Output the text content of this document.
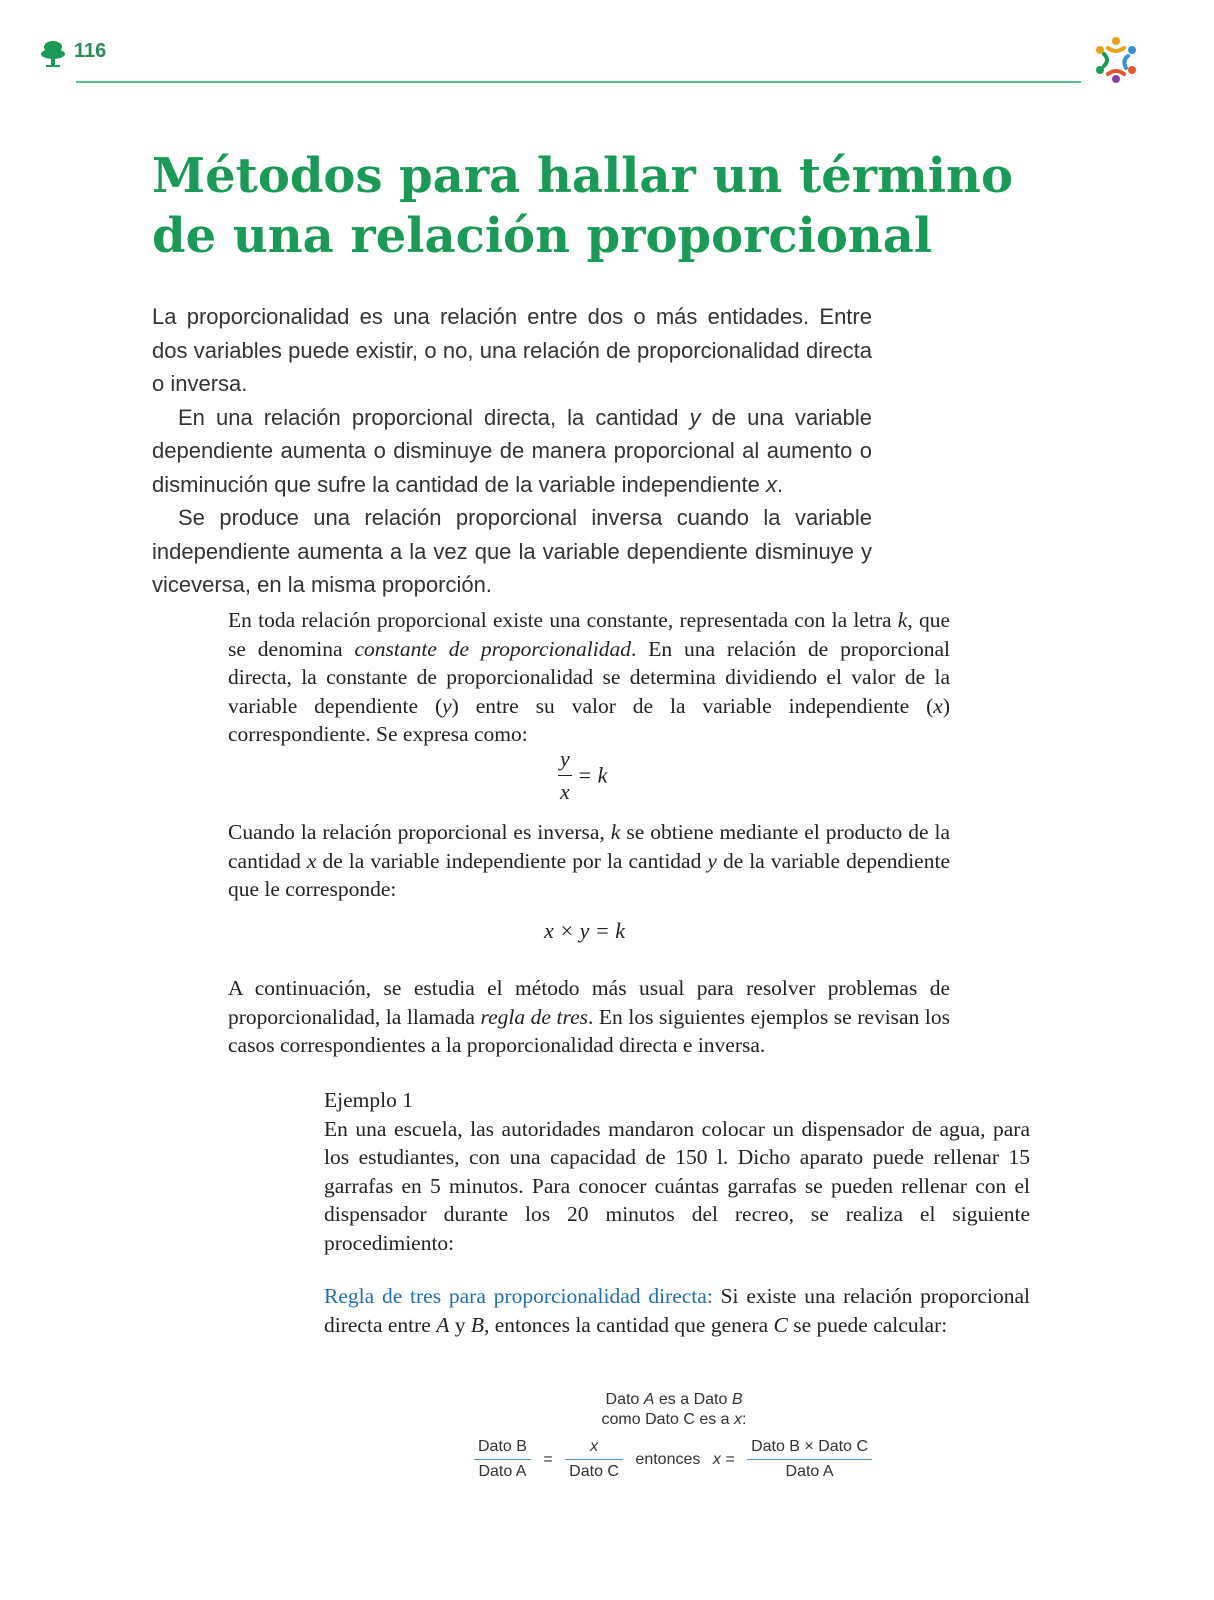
116
Métodos para hallar un término
de una relación proporcional

La proporcionalidad es una relación entre dos o más entidades. Entre dos variables puede existir, o no, una relación de proporcionalidad directa o inversa.

En una relación proporcional directa, la cantidad y de una variable dependiente aumenta o disminuye de manera proporcional al aumento o disminución que sufre la cantidad de la variable independiente x.

Se produce una relación proporcional inversa cuando la variable independiente aumenta a la vez que la variable dependiente disminuye y viceversa, en la misma proporción.

En toda relación proporcional existe una constante, representada con la letra k, que se denomina constante de proporcionalidad. En una relación de proporcional directa, la constante de proporcionalidad se determina dividiendo el valor de la variable dependiente (y) entre su valor de la variable independiente (x) correspondiente. Se expresa como:

$\frac{y}{x} = k$

Cuando la relación proporcional es inversa, k se obtiene mediante el producto de la cantidad x de la variable independiente por la cantidad y de la variable dependiente que le corresponde:

x × y = k

A continuación, se estudia el método más usual para resolver problemas de proporcionalidad, la llamada regla de tres. En los siguientes ejemplos se revisan los casos correspondientes a la proporcionalidad directa e inversa.

Ejemplo 1

En una escuela, las autoridades mandaron colocar un dispensador de agua, para los estudiantes, con una capacidad de 150 l. Dicho aparato puede rellenar 15 garrafas en 5 minutos. Para conocer cuántas garrafas se pueden rellenar con el dispensador durante los 20 minutos del recreo, se realiza el siguiente procedimiento:

Regla de tres para proporcionalidad directa: Si existe una relación proporcional directa entre A y B, entonces la cantidad que genera C se puede calcular:

Dato A es a Dato B
como Dato C es a x:
$\frac{\text{Dato B}}{\text{Dato A}} = \frac{x}{\text{Dato C}}$ entonces $x = \frac{\text{Dato B × Dato C}}{\text{Dato A}}$
